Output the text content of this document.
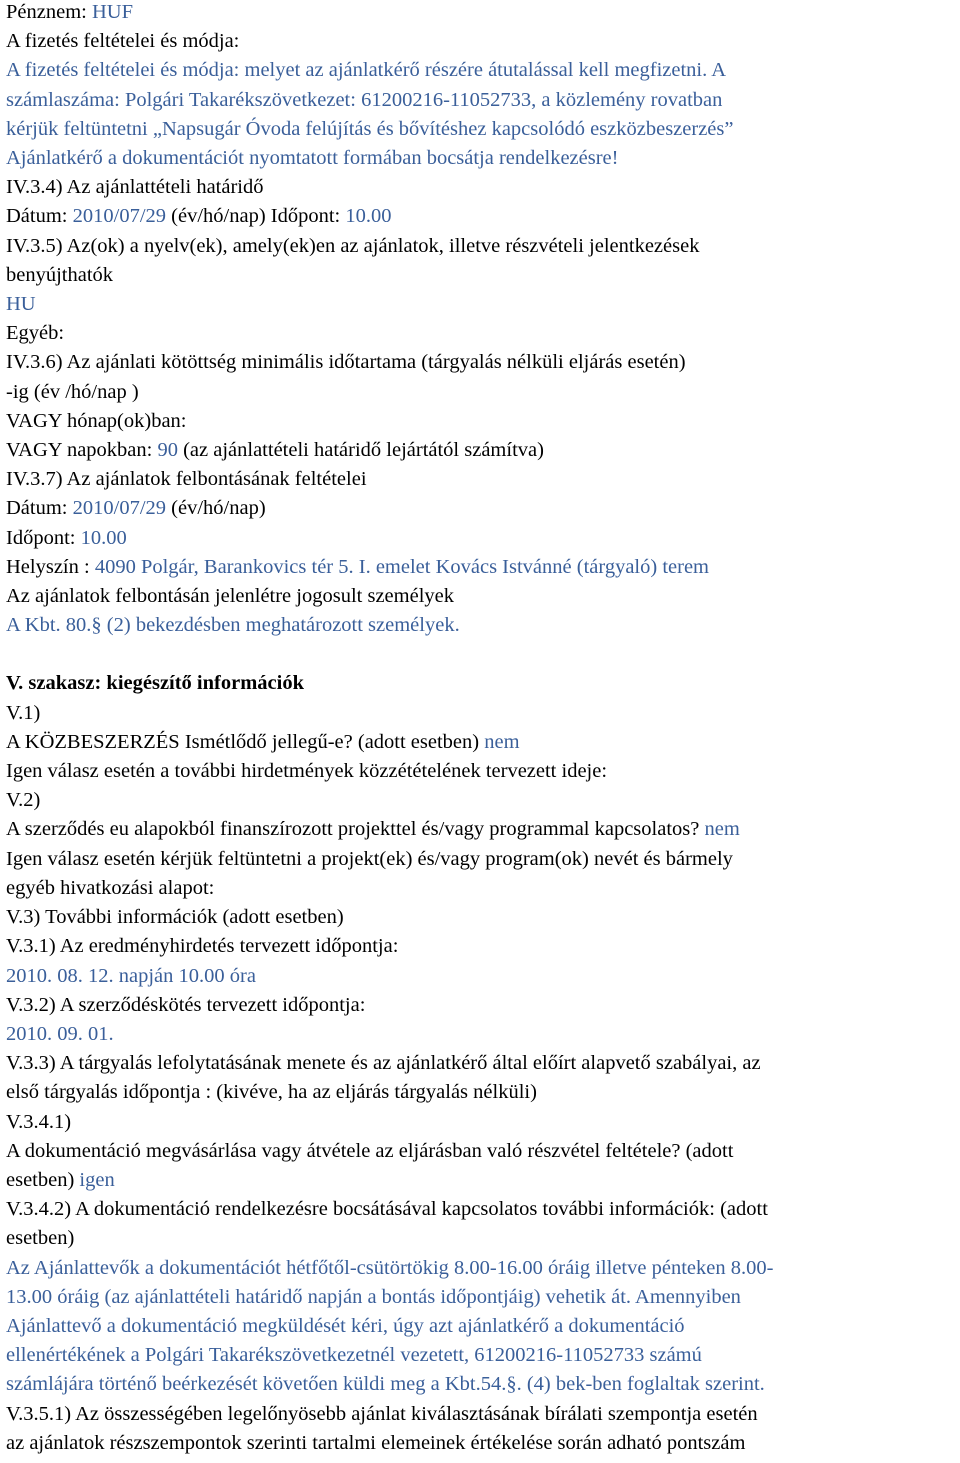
Pénznem: HUF
A fizetés feltételei és módja:
A fizetés feltételei és módja: melyet az ajánlatkérő részére átutalással kell megfizetni. A
számlaszáma: Polgári Takarékszövetkezet: 61200216-11052733, a közlemény rovatban
kérjük feltüntetni „Napsugár Óvoda felújítás és bővítéshez kapcsolódó eszközbeszerzés”
Ajánlatkérő a dokumentációt nyomtatott formában bocsátja rendelkezésre!
IV.3.4) Az ajánlattételi határidő
Dátum: 2010/07/29 (év/hó/nap) Időpont: 10.00
IV.3.5) Az(ok) a nyelv(ek), amely(ek)en az ajánlatok, illetve részvételi jelentkezések
benyújthatók
HU
Egyéb:
IV.3.6) Az ajánlati kötöttség minimális időtartama (tárgyalás nélküli eljárás esetén)
-ig (év /hó/nap )
VAGY hónap(ok)ban:
VAGY napokban: 90 (az ajánlattételi határidő lejártától számítva)
IV.3.7) Az ajánlatok felbontásának feltételei
Dátum: 2010/07/29 (év/hó/nap)
Időpont: 10.00
Helyszín : 4090 Polgár, Barankovics tér 5. I. emelet Kovács Istvánné (tárgyaló) terem
Az ajánlatok felbontásán jelenlétre jogosult személyek
A Kbt. 80.§ (2) bekezdésben meghatározott személyek.
V. szakasz: kiegészítő információk
V.1)
A KÖZBESZERZÉS Ismétlődő jellegű-e? (adott esetben) nem
Igen válasz esetén a további hirdetmények közzétételének tervezett ideje:
V.2)
A szerződés eu alapokból finanszírozott projekttel és/vagy programmal kapcsolatos? nem
Igen válasz esetén kérjük feltüntetni a projekt(ek) és/vagy program(ok) nevét és bármely
egyéb hivatkozási alapot:
V.3) További információk (adott esetben)
V.3.1) Az eredményhirdetés tervezett időpontja:
2010. 08. 12. napján 10.00 óra
V.3.2) A szerződéskötés tervezett időpontja:
2010. 09. 01.
V.3.3) A tárgyalás lefolytatásának menete és az ajánlatkérő által előírt alapvető szabályai, az
első tárgyalás időpontja : (kivéve, ha az eljárás tárgyalás nélküli)
V.3.4.1)
A dokumentáció megvásárlása vagy átvétele az eljárásban való részvétel feltétele? (adott
esetben) igen
V.3.4.2) A dokumentáció rendelkezésre bocsátásával kapcsolatos további információk: (adott
esetben)
Az Ajánlattevők a dokumentációt hétfőtől-csütörtökig 8.00-16.00 óráig illetve pénteken 8.00-
13.00 óráig (az ajánlattételi határidő napján a bontás időpontjáig) vehetik át. Amennyiben
Ajánlattevő a dokumentáció megküldését kéri, úgy azt ajánlatkérő a dokumentáció
ellenértékének a Polgári Takarékszövetkezetnél vezetett, 61200216-11052733 számú
számlájára történő beérkezését követően küldi meg a Kbt.54.§. (4) bek-ben foglaltak szerint.
V.3.5.1) Az összességében legelőnyösebb ajánlat kiválasztásának bírálati szempontja esetén
az ajánlatok részszempontok szerinti tartalmi elemeinek értékelése során adható pontszám
